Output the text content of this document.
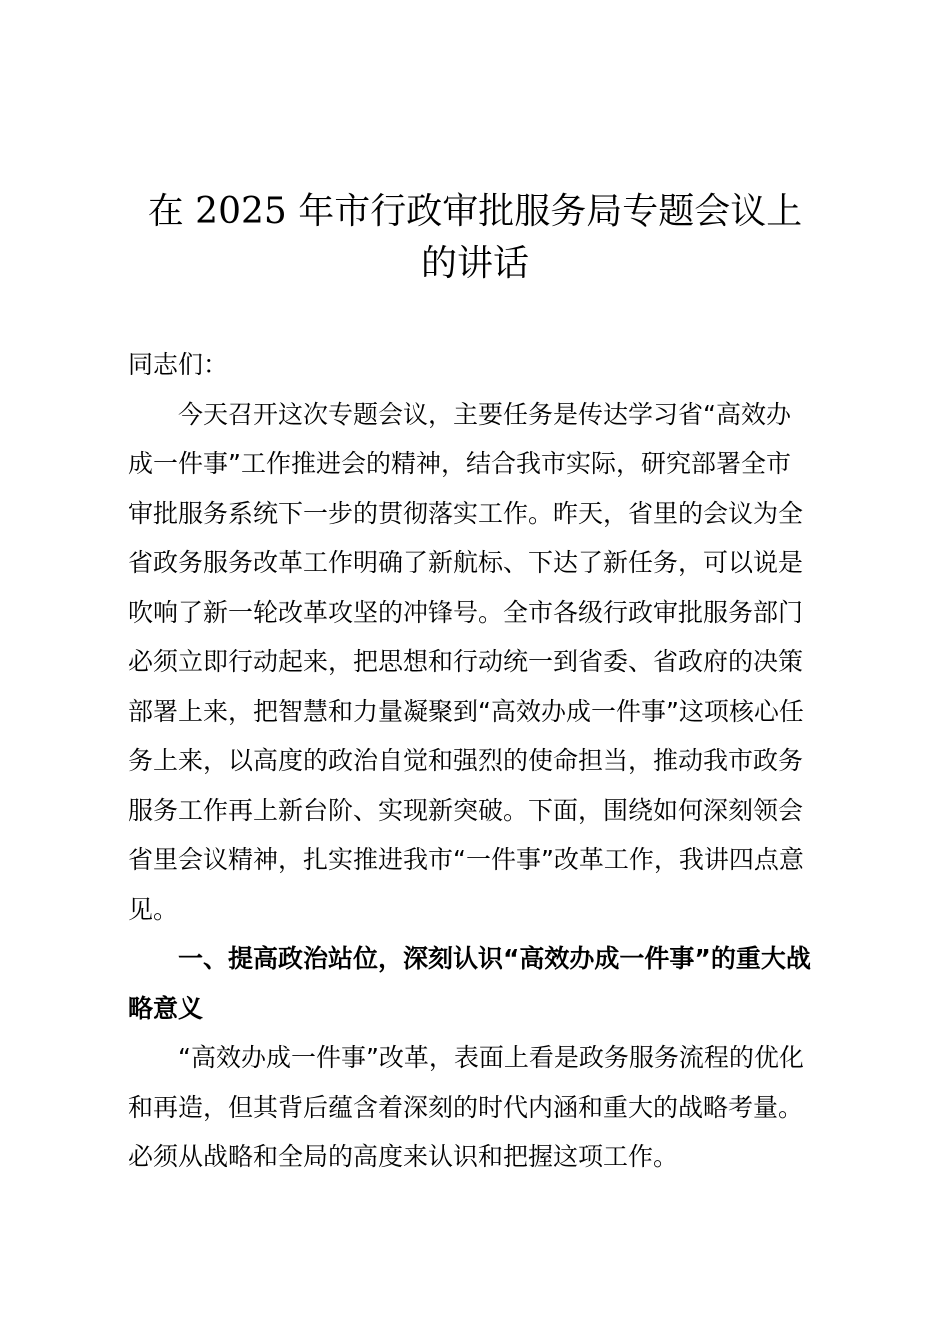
在 2025 年市行政审批服务局专题会议上
的讲话
同志们：
今天召开这次专题会议，主要任务是传达学习省“高效办
成一件事”工作推进会的精神，结合我市实际，研究部署全市
审批服务系统下一步的贯彻落实工作。昨天，省里的会议为全
省政务服务改革工作明确了新航标、下达了新任务，可以说是
吹响了新一轮改革攻坚的冲锋号。全市各级行政审批服务部门
必须立即行动起来，把思想和行动统一到省委、省政府的决策
部署上来，把智慧和力量凝聚到“高效办成一件事”这项核心任
务上来，以高度的政治自觉和强烈的使命担当，推动我市政务
服务工作再上新台阶、实现新突破。下面，围绕如何深刻领会
省里会议精神，扎实推进我市“一件事”改革工作，我讲四点意
见。
一、提高政治站位，深刻认识“高效办成一件事”的重大战
略意义
“高效办成一件事”改革，表面上看是政务服务流程的优化
和再造，但其背后蕴含着深刻的时代内涵和重大的战略考量。
必须从战略和全局的高度来认识和把握这项工作。
